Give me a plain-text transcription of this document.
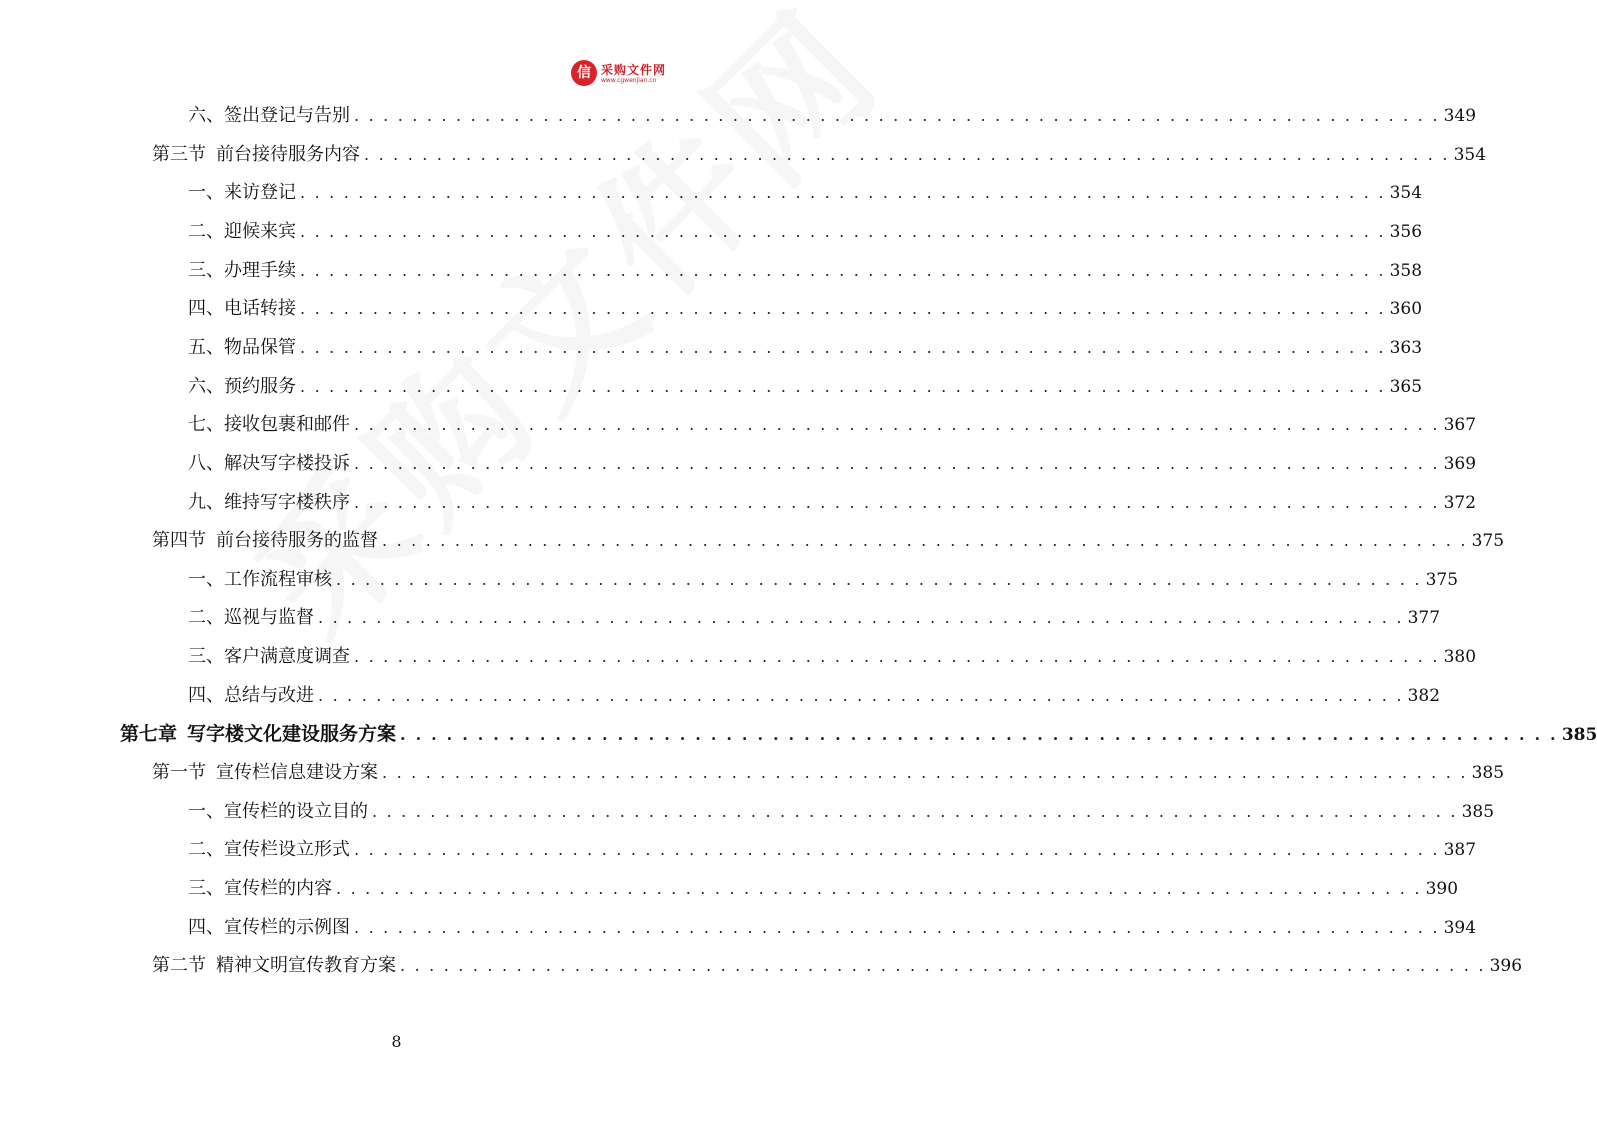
信 采购文件网
www.cgwenjian.cn
六、签出登记与告别 . . . . . . . . . . . . . . . . . . . . . . . . . . . . . . . . . . . . . . . . . . . . . . . . . . . . . . . . . . . . . . . . . . . . . . . . . . . 349
第三节 前台接待服务内容 . . . . . . . . . . . . . . . . . . . . . . . . . . . . . . . . . . . . . . . . . . . . . . . . . . . . . . . . . . . . . . . . . . . . . . . . . . . 354
一、来访登记 . . . . . . . . . . . . . . . . . . . . . . . . . . . . . . . . . . . . . . . . . . . . . . . . . . . . . . . . . . . . . . . . . . . . . . . . . . . 354
二、迎候来宾 . . . . . . . . . . . . . . . . . . . . . . . . . . . . . . . . . . . . . . . . . . . . . . . . . . . . . . . . . . . . . . . . . . . . . . . . . . . 356
三、办理手续 . . . . . . . . . . . . . . . . . . . . . . . . . . . . . . . . . . . . . . . . . . . . . . . . . . . . . . . . . . . . . . . . . . . . . . . . . . . 358
四、电话转接 . . . . . . . . . . . . . . . . . . . . . . . . . . . . . . . . . . . . . . . . . . . . . . . . . . . . . . . . . . . . . . . . . . . . . . . . . . . 360
五、物品保管 . . . . . . . . . . . . . . . . . . . . . . . . . . . . . . . . . . . . . . . . . . . . . . . . . . . . . . . . . . . . . . . . . . . . . . . . . . . 363
六、预约服务 . . . . . . . . . . . . . . . . . . . . . . . . . . . . . . . . . . . . . . . . . . . . . . . . . . . . . . . . . . . . . . . . . . . . . . . . . . . 365
七、接收包裹和邮件 . . . . . . . . . . . . . . . . . . . . . . . . . . . . . . . . . . . . . . . . . . . . . . . . . . . . . . . . . . . . . . . . . . . . . . . . . . . 367
八、解决写字楼投诉 . . . . . . . . . . . . . . . . . . . . . . . . . . . . . . . . . . . . . . . . . . . . . . . . . . . . . . . . . . . . . . . . . . . . . . . . . . . 369
九、维持写字楼秩序 . . . . . . . . . . . . . . . . . . . . . . . . . . . . . . . . . . . . . . . . . . . . . . . . . . . . . . . . . . . . . . . . . . . . . . . . . . . 372
第四节 前台接待服务的监督 . . . . . . . . . . . . . . . . . . . . . . . . . . . . . . . . . . . . . . . . . . . . . . . . . . . . . . . . . . . . . . . . . . . . . . . . . . . 375
一、工作流程审核 . . . . . . . . . . . . . . . . . . . . . . . . . . . . . . . . . . . . . . . . . . . . . . . . . . . . . . . . . . . . . . . . . . . . . . . . . . . 375
二、巡视与监督 . . . . . . . . . . . . . . . . . . . . . . . . . . . . . . . . . . . . . . . . . . . . . . . . . . . . . . . . . . . . . . . . . . . . . . . . . . . 377
三、客户满意度调查 . . . . . . . . . . . . . . . . . . . . . . . . . . . . . . . . . . . . . . . . . . . . . . . . . . . . . . . . . . . . . . . . . . . . . . . . . . . 380
四、总结与改进 . . . . . . . . . . . . . . . . . . . . . . . . . . . . . . . . . . . . . . . . . . . . . . . . . . . . . . . . . . . . . . . . . . . . . . . . . . . 382
第七章 写字楼文化建设服务方案 . . . . . . . . . . . . . . . . . . . . . . . . . . . . . . . . . . . . . . . . . . . . . . . . . . . . . . . . . . . . . . . . . . . . . . . . . . . 385
第一节 宣传栏信息建设方案 . . . . . . . . . . . . . . . . . . . . . . . . . . . . . . . . . . . . . . . . . . . . . . . . . . . . . . . . . . . . . . . . . . . . . . . . . . . 385
一、宣传栏的设立目的 . . . . . . . . . . . . . . . . . . . . . . . . . . . . . . . . . . . . . . . . . . . . . . . . . . . . . . . . . . . . . . . . . . . . . . . . . . . 385
二、宣传栏设立形式 . . . . . . . . . . . . . . . . . . . . . . . . . . . . . . . . . . . . . . . . . . . . . . . . . . . . . . . . . . . . . . . . . . . . . . . . . . . 387
三、宣传栏的内容 . . . . . . . . . . . . . . . . . . . . . . . . . . . . . . . . . . . . . . . . . . . . . . . . . . . . . . . . . . . . . . . . . . . . . . . . . . . 390
四、宣传栏的示例图 . . . . . . . . . . . . . . . . . . . . . . . . . . . . . . . . . . . . . . . . . . . . . . . . . . . . . . . . . . . . . . . . . . . . . . . . . . . 394
第二节 精神文明宣传教育方案 . . . . . . . . . . . . . . . . . . . . . . . . . . . . . . . . . . . . . . . . . . . . . . . . . . . . . . . . . . . . . . . . . . . . . . . . . . . 396
8
